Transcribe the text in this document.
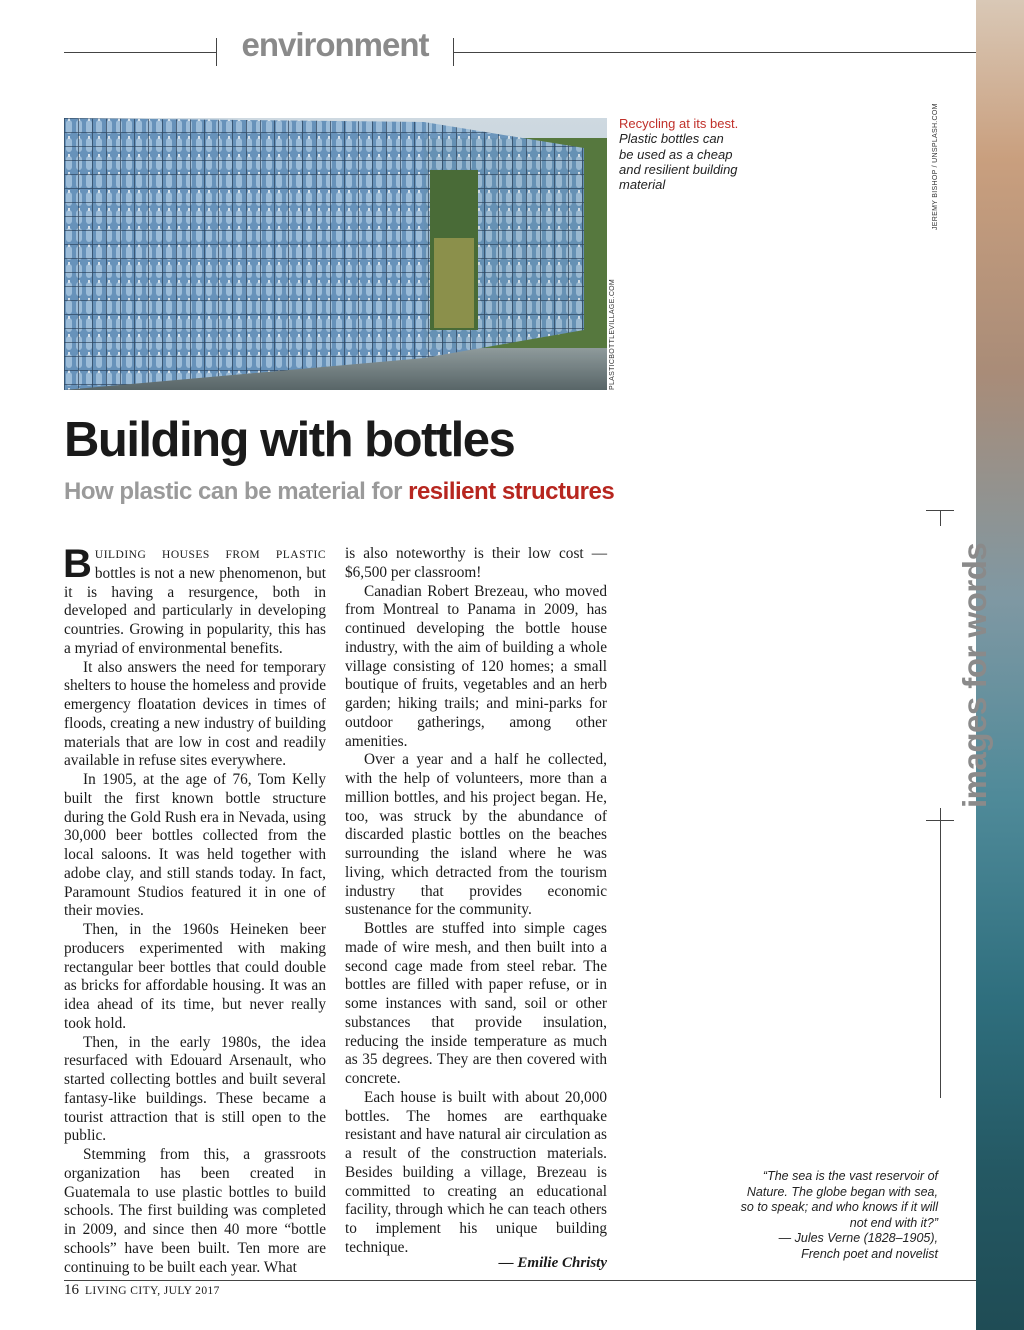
environment
PLASTICBOTTLEVILLAGE.COM
Recycling at its best. Plastic bottles can be used as a cheap and resilient building material	JEREMY BISHOP / UNSPLASH.COM
Building with bottles
How plastic can be material for resilient structures

BUILDING HOUSES FROM PLASTIC bottles is not a new phenomenon, but it is having a resurgence, both in developed and particularly in developing countries. Growing in popularity, this has a myriad of environmental benefits.

It also answers the need for temporary shelters to house the homeless and provide emergency floatation devices in times of floods, creating a new industry of building materials that are low in cost and readily available in refuse sites everywhere.

In 1905, at the age of 76, Tom Kelly built the first known bottle structure during the Gold Rush era in Nevada, using 30,000 beer bottles collected from the local saloons. It was held together with adobe clay, and still stands today. In fact, Paramount Studios featured it in one of their movies.

Then, in the 1960s Heineken beer producers experimented with making rectangular beer bottles that could double as bricks for affordable housing. It was an idea ahead of its time, but never really took hold.

Then, in the early 1980s, the idea resurfaced with Edouard Arsenault, who started collecting bottles and built several fantasy-like buildings. These became a tourist attraction that is still open to the public.

Stemming from this, a grassroots organization has been created in Guatemala to use plastic bottles to build schools. The first building was completed in 2009, and since then 40 more “bottle schools” have been built. Ten more are continuing to be built each year. What

is also noteworthy is their low cost — $6,500 per classroom!

Canadian Robert Brezeau, who moved from Montreal to Panama in 2009, has continued developing the bottle house industry, with the aim of building a whole village consisting of 120 homes; a small boutique of fruits, vegetables and an herb garden; hiking trails; and mini-parks for outdoor gatherings, among other amenities.

Over a year and a half he collected, with the help of volunteers, more than a million bottles, and his project began. He, too, was struck by the abundance of discarded plastic bottles on the beaches surrounding the island where he was living, which detracted from the tourism industry that provides economic sustenance for the community.

Bottles are stuffed into simple cages made of wire mesh, and then built into a second cage made from steel rebar. The bottles are filled with paper refuse, or in some instances with sand, soil or other substances that provide insulation, reducing the inside temperature as much as 35 degrees. They are then covered with concrete.

Each house is built with about 20,000 bottles. The homes are earthquake resistant and have natural air circulation as a result of the construction materials. Besides building a village, Brezeau is committed to creating an educational facility, through which he can teach others to implement his unique building technique.

— Emilie Christy
images for words
“The sea is the vast reservoir of Nature. The globe began with sea, so to speak; and who knows if it will not end with it?”
— Jules Verne (1828–1905),
French poet and novelist
16 LIVING CITY, JULY 2017
